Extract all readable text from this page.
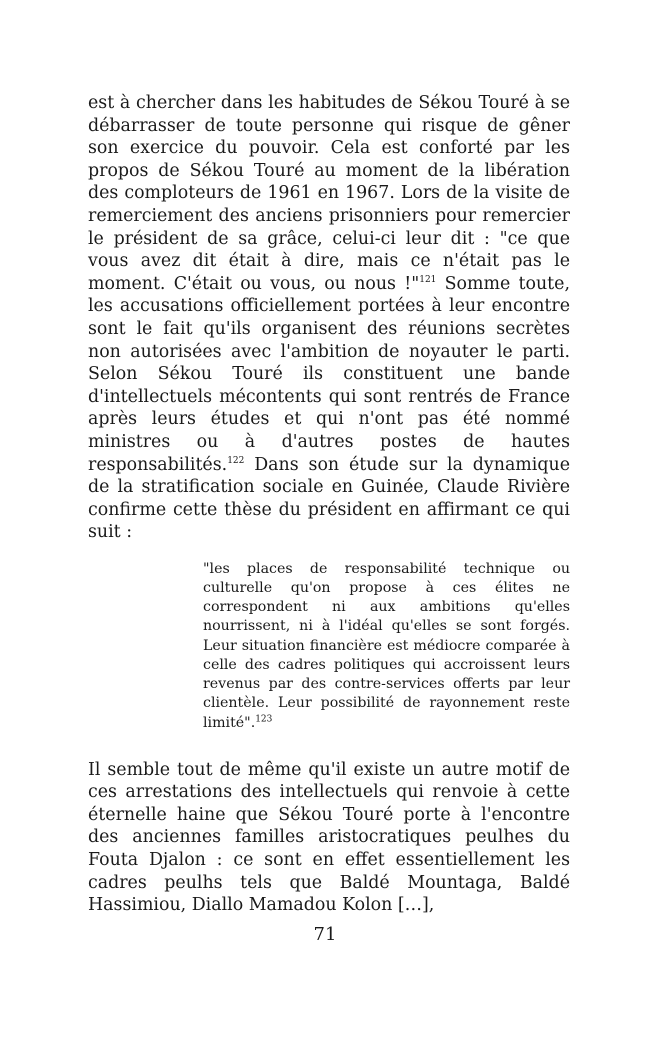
est à chercher dans les habitudes de Sékou Touré à se débarrasser de toute personne qui risque de gêner son exercice du pouvoir. Cela est conforté par les propos de Sékou Touré au moment de la libération des comploteurs de 1961 en 1967. Lors de la visite de remerciement des anciens prisonniers pour remercier le président de sa grâce, celui-ci leur dit : "ce que vous avez dit était à dire, mais ce n'était pas le moment. C'était ou vous, ou nous !"$^{121}$ Somme toute, les accusations officiellement portées à leur encontre sont le fait qu'ils organisent des réunions secrètes non autorisées avec l'ambition de noyauter le parti. Selon Sékou Touré ils constituent une bande d'intellectuels mécontents qui sont rentrés de France après leurs études et qui n'ont pas été nommé ministres ou à d'autres postes de hautes responsabilités.$^{122}$ Dans son étude sur la dynamique de la stratification sociale en Guinée, Claude Rivière confirme cette thèse du président en affirmant ce qui suit :

"les places de responsabilité technique ou culturelle qu'on propose à ces élites ne correspondent ni aux ambitions qu'elles nourrissent, ni à l'idéal qu'elles se sont forgés. Leur situation financière est médiocre comparée à celle des cadres politiques qui accroissent leurs revenus par des contre-services offerts par leur clientèle. Leur possibilité de rayonnement reste limité".$^{123}$

Il semble tout de même qu'il existe un autre motif de ces arrestations des intellectuels qui renvoie à cette éternelle haine que Sékou Touré porte à l'encontre des anciennes familles aristocratiques peulhes du Fouta Djalon : ce sont en effet essentiellement les cadres peulhs tels que Baldé Mountaga, Baldé Hassimiou, Diallo Mamadou Kolon […],

71
